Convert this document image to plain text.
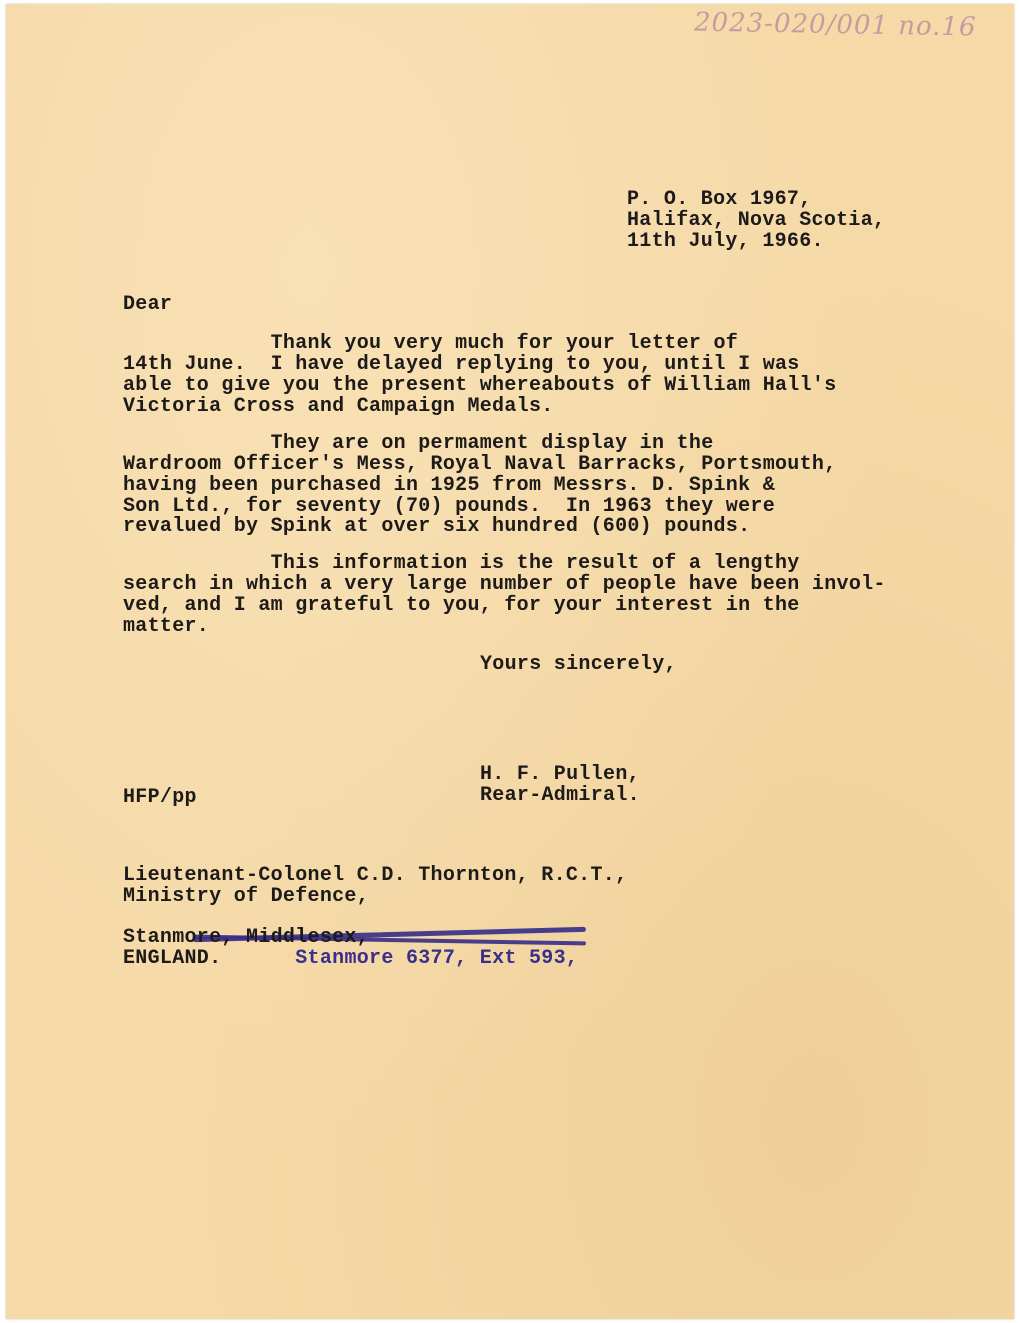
2023-020/001 no.16

P. O. Box 1967,

Halifax, Nova Scotia,

11th July, 1966.

Dear

Thank you very much for your letter of

14th June.  I have delayed replying to you, until I was

able to give you the present whereabouts of William Hall's

Victoria Cross and Campaign Medals.

They are on permament display in the

Wardroom Officer's Mess, Royal Naval Barracks, Portsmouth,

having been purchased in 1925 from Messrs. D. Spink &

Son Ltd., for seventy (70) pounds.  In 1963 they were

revalued by Spink at over six hundred (600) pounds.

This information is the result of a lengthy

search in which a very large number of people have been invol-

ved, and I am grateful to you, for your interest in the

matter.

Yours sincerely,

H. F. Pullen,

Rear-Admiral.

HFP/pp

Lieutenant-Colonel C.D. Thornton, R.C.T.,

Ministry of Defence,

Stanmore 6377, Ext 593,

Stanmore, Middlesex,

ENGLAND.
